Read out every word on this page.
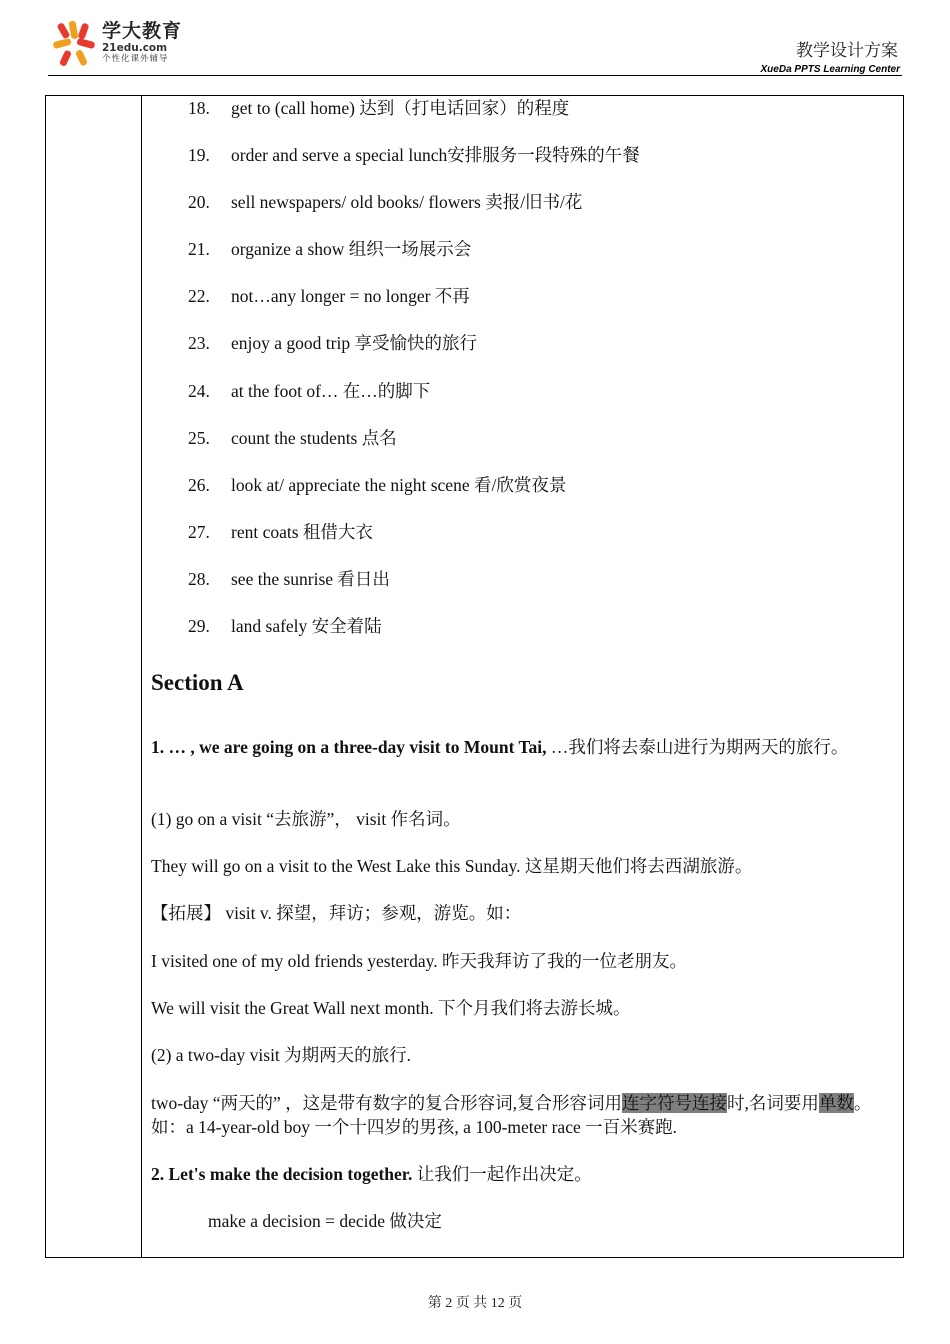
学大教育
21edu.com
个性化课外辅导	教学设计方案
XueDa PPTS Learning Center
18. get to (call home) 达到（打电话回家）的程度
19. order and serve a special lunch安排服务一段特殊的午餐
20. sell newspapers/ old books/ flowers 卖报/旧书/花
21. organize a show 组织一场展示会
22. not…any longer = no longer 不再
23. enjoy a good trip 享受愉快的旅行
24. at the foot of… 在…的脚下
25. count the students 点名
26. look at/ appreciate the night scene 看/欣赏夜景
27. rent coats 租借大衣
28. see the sunrise 看日出
29. land safely 安全着陆
Section A
1. … , we are going on a three-day visit to Mount Tai, …我们将去泰山进行为期两天的旅行。
(1) go on a visit “去旅游”， visit 作名词。
They will go on a visit to the West Lake this Sunday. 这星期天他们将去西湖旅游。
【拓展】 visit v. 探望，拜访；参观，游览。如：
I visited one of my old friends yesterday. 昨天我拜访了我的一位老朋友。
We will visit the Great Wall next month. 下个月我们将去游长城。
(2) a two-day visit 为期两天的旅行.
two-day “两天的” ，这是带有数字的复合形容词,复合形容词用连字符号连接时,名词要用单数。如：a 14-year-old boy 一个十四岁的男孩, a 100-meter race 一百米赛跑.
2. Let's make the decision together. 让我们一起作出决定。
make a decision = decide 做决定
第 2 页 共 12 页
